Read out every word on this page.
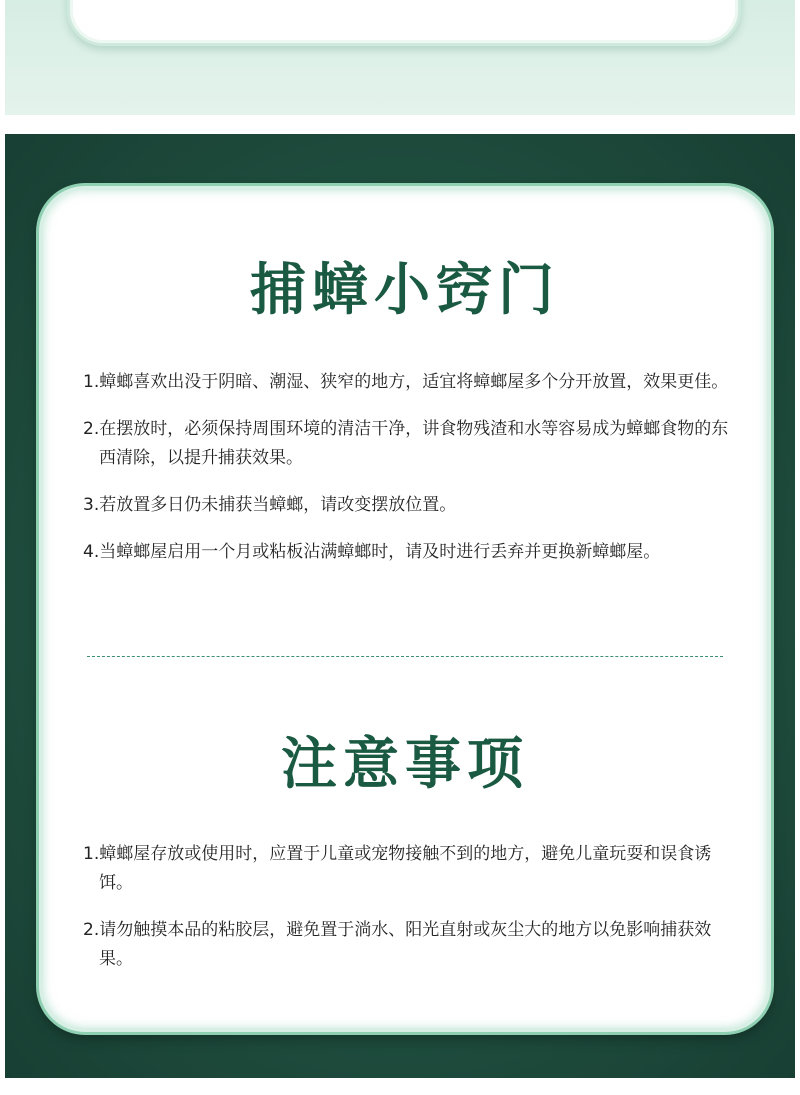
捕蟑小窍门
1.蟑螂喜欢出没于阴暗、潮湿、狭窄的地方，适宜将蟑螂屋多个分开放置，效果更佳。
2.在摆放时，必须保持周围环境的清洁干净，讲食物残渣和水等容易成为蟑螂食物的东西清除，以提升捕获效果。
3.若放置多日仍未捕获当蟑螂，请改变摆放位置。
4.当蟑螂屋启用一个月或粘板沾满蟑螂时，请及时进行丢弃并更换新蟑螂屋。
注意事项
1.蟑螂屋存放或使用时，应置于儿童或宠物接触不到的地方，避免儿童玩耍和误食诱饵。
2.请勿触摸本品的粘胶层，避免置于淌水、阳光直射或灰尘大的地方以免影响捕获效果。
